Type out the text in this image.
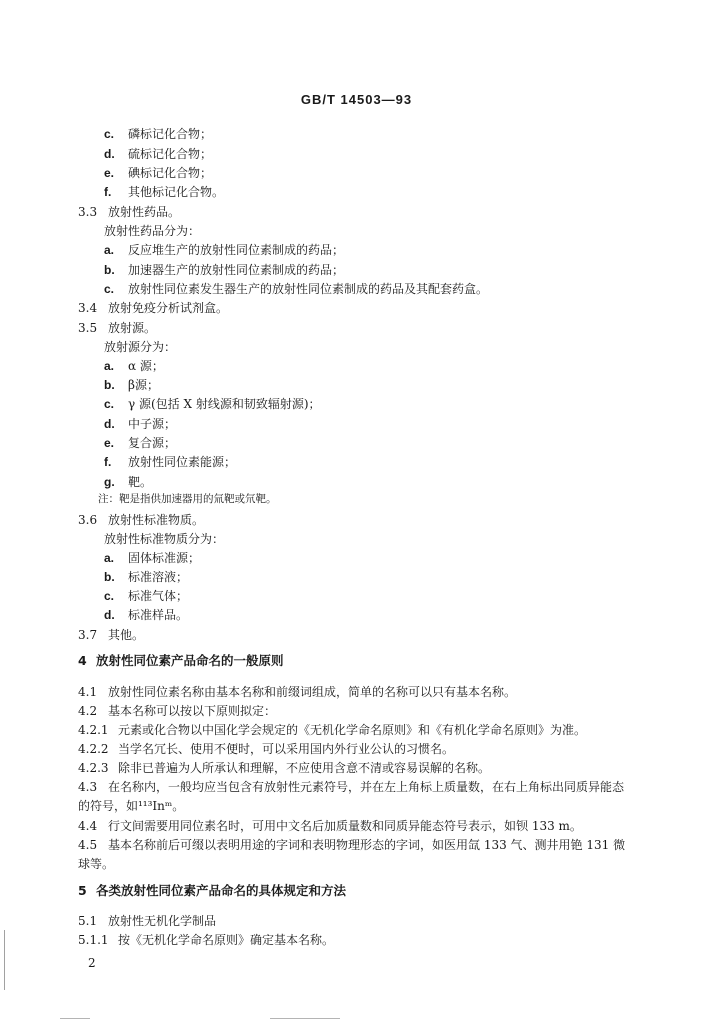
GB/T 14503—93
c. 磷标记化合物；
d. 硫标记化合物；
e. 碘标记化合物；
f. 其他标记化合物。
3.3 放射性药品。
放射性药品分为：
a. 反应堆生产的放射性同位素制成的药品；
b. 加速器生产的放射性同位素制成的药品；
c. 放射性同位素发生器生产的放射性同位素制成的药品及其配套药盒。
3.4 放射免疫分析试剂盒。
3.5 放射源。
放射源分为：
a. α 源；
b. β源；
c. γ 源(包括 X 射线源和韧致辐射源)；
d. 中子源；
e. 复合源；
f. 放射性同位素能源；
g. 靶。
注：靶是指供加速器用的氚靶或氘靶。
3.6 放射性标准物质。
放射性标准物质分为：
a. 固体标准源；
b. 标准溶液；
c. 标准气体；
d. 标准样品。
3.7 其他。
4 放射性同位素产品命名的一般原则
4.1 放射性同位素名称由基本名称和前缀词组成，简单的名称可以只有基本名称。
4.2 基本名称可以按以下原则拟定：
4.2.1 元素或化合物以中国化学会规定的《无机化学命名原则》和《有机化学命名原则》为准。
4.2.2 当学名冗长、使用不便时，可以采用国内外行业公认的习惯名。
4.2.3 除非已普遍为人所承认和理解，不应使用含意不清或容易误解的名称。
4.3 在名称内，一般均应当包含有放射性元素符号，并在左上角标上质量数，在右上角标出同质异能态
的符号，如¹¹³Inᵐ。
4.4 行文间需要用同位素名时，可用中文名后加质量数和同质异能态符号表示，如钡 133 m。
4.5 基本名称前后可缀以表明用途的字词和表明物理形态的字词，如医用氙 133 气、测井用铯 131 微
球等。
5 各类放射性同位素产品命名的具体规定和方法
5.1 放射性无机化学制品
5.1.1 按《无机化学命名原则》确定基本名称。
2
